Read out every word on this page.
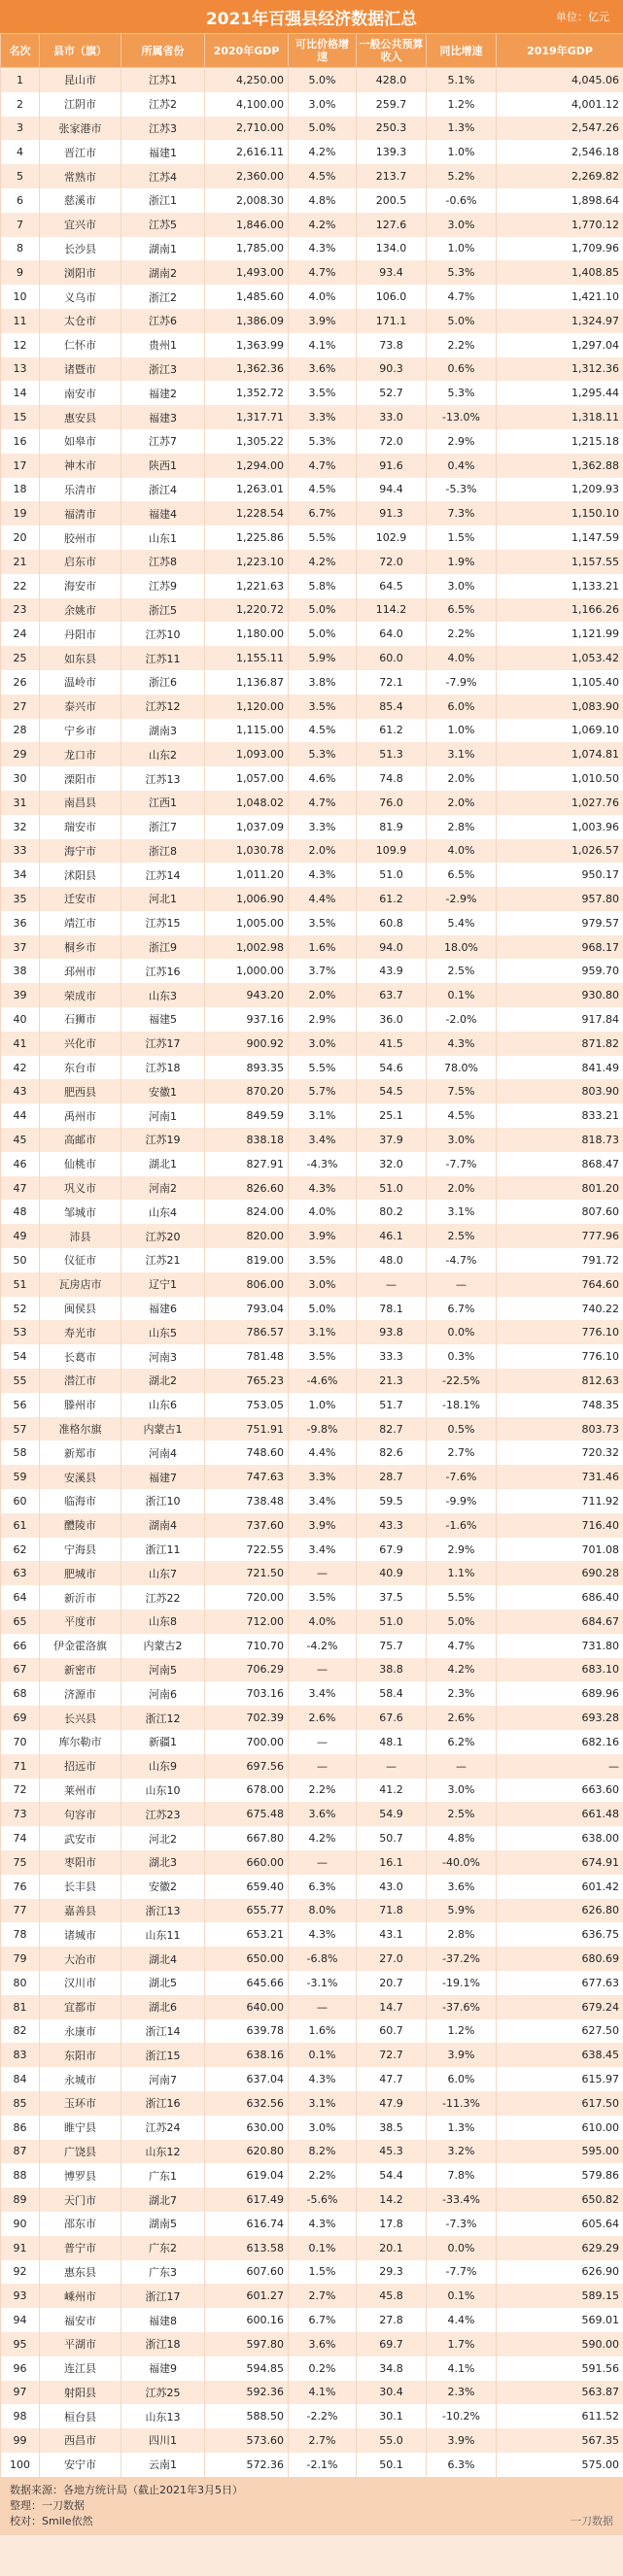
2021年百强县经济数据汇总	单位：亿元
名次	县市（旗）	所属省份	2020年GDP	可比价格增速	一般公共预算收入	同比增速	2019年GDP
1	昆山市	江苏1	4,250.00	5.0%	428.0	5.1%	4,045.06
2	江阴市	江苏2	4,100.00	3.0%	259.7	1.2%	4,001.12
3	张家港市	江苏3	2,710.00	5.0%	250.3	1.3%	2,547.26
4	晋江市	福建1	2,616.11	4.2%	139.3	1.0%	2,546.18
5	常熟市	江苏4	2,360.00	4.5%	213.7	5.2%	2,269.82
6	慈溪市	浙江1	2,008.30	4.8%	200.5	-0.6%	1,898.64
7	宜兴市	江苏5	1,846.00	4.2%	127.6	3.0%	1,770.12
8	长沙县	湖南1	1,785.00	4.3%	134.0	1.0%	1,709.96
9	浏阳市	湖南2	1,493.00	4.7%	93.4	5.3%	1,408.85
10	义乌市	浙江2	1,485.60	4.0%	106.0	4.7%	1,421.10
11	太仓市	江苏6	1,386.09	3.9%	171.1	5.0%	1,324.97
12	仁怀市	贵州1	1,363.99	4.1%	73.8	2.2%	1,297.04
13	诸暨市	浙江3	1,362.36	3.6%	90.3	0.6%	1,312.36
14	南安市	福建2	1,352.72	3.5%	52.7	5.3%	1,295.44
15	惠安县	福建3	1,317.71	3.3%	33.0	-13.0%	1,318.11
16	如皋市	江苏7	1,305.22	5.3%	72.0	2.9%	1,215.18
17	神木市	陕西1	1,294.00	4.7%	91.6	0.4%	1,362.88
18	乐清市	浙江4	1,263.01	4.5%	94.4	-5.3%	1,209.93
19	福清市	福建4	1,228.54	6.7%	91.3	7.3%	1,150.10
20	胶州市	山东1	1,225.86	5.5%	102.9	1.5%	1,147.59
21	启东市	江苏8	1,223.10	4.2%	72.0	1.9%	1,157.55
22	海安市	江苏9	1,221.63	5.8%	64.5	3.0%	1,133.21
23	余姚市	浙江5	1,220.72	5.0%	114.2	6.5%	1,166.26
24	丹阳市	江苏10	1,180.00	5.0%	64.0	2.2%	1,121.99
25	如东县	江苏11	1,155.11	5.9%	60.0	4.0%	1,053.42
26	温岭市	浙江6	1,136.87	3.8%	72.1	-7.9%	1,105.40
27	泰兴市	江苏12	1,120.00	3.5%	85.4	6.0%	1,083.90
28	宁乡市	湖南3	1,115.00	4.5%	61.2	1.0%	1,069.10
29	龙口市	山东2	1,093.00	5.3%	51.3	3.1%	1,074.81
30	溧阳市	江苏13	1,057.00	4.6%	74.8	2.0%	1,010.50
31	南昌县	江西1	1,048.02	4.7%	76.0	2.0%	1,027.76
32	瑞安市	浙江7	1,037.09	3.3%	81.9	2.8%	1,003.96
33	海宁市	浙江8	1,030.78	2.0%	109.9	4.0%	1,026.57
34	沭阳县	江苏14	1,011.20	4.3%	51.0	6.5%	950.17
35	迁安市	河北1	1,006.90	4.4%	61.2	-2.9%	957.80
36	靖江市	江苏15	1,005.00	3.5%	60.8	5.4%	979.57
37	桐乡市	浙江9	1,002.98	1.6%	94.0	18.0%	968.17
38	邳州市	江苏16	1,000.00	3.7%	43.9	2.5%	959.70
39	荣成市	山东3	943.20	2.0%	63.7	0.1%	930.80
40	石狮市	福建5	937.16	2.9%	36.0	-2.0%	917.84
41	兴化市	江苏17	900.92	3.0%	41.5	4.3%	871.82
42	东台市	江苏18	893.35	5.5%	54.6	78.0%	841.49
43	肥西县	安徽1	870.20	5.7%	54.5	7.5%	803.90
44	禹州市	河南1	849.59	3.1%	25.1	4.5%	833.21
45	高邮市	江苏19	838.18	3.4%	37.9	3.0%	818.73
46	仙桃市	湖北1	827.91	-4.3%	32.0	-7.7%	868.47
47	巩义市	河南2	826.60	4.3%	51.0	2.0%	801.20
48	邹城市	山东4	824.00	4.0%	80.2	3.1%	807.60
49	沛县	江苏20	820.00	3.9%	46.1	2.5%	777.96
50	仪征市	江苏21	819.00	3.5%	48.0	-4.7%	791.72
51	瓦房店市	辽宁1	806.00	3.0%	—	—	764.60
52	闽侯县	福建6	793.04	5.0%	78.1	6.7%	740.22
53	寿光市	山东5	786.57	3.1%	93.8	0.0%	776.10
54	长葛市	河南3	781.48	3.5%	33.3	0.3%	776.10
55	潜江市	湖北2	765.23	-4.6%	21.3	-22.5%	812.63
56	滕州市	山东6	753.05	1.0%	51.7	-18.1%	748.35
57	准格尔旗	内蒙古1	751.91	-9.8%	82.7	0.5%	803.73
58	新郑市	河南4	748.60	4.4%	82.6	2.7%	720.32
59	安溪县	福建7	747.63	3.3%	28.7	-7.6%	731.46
60	临海市	浙江10	738.48	3.4%	59.5	-9.9%	711.92
61	醴陵市	湖南4	737.60	3.9%	43.3	-1.6%	716.40
62	宁海县	浙江11	722.55	3.4%	67.9	2.9%	701.08
63	肥城市	山东7	721.50	—	40.9	1.1%	690.28
64	新沂市	江苏22	720.00	3.5%	37.5	5.5%	686.40
65	平度市	山东8	712.00	4.0%	51.0	5.0%	684.67
66	伊金霍洛旗	内蒙古2	710.70	-4.2%	75.7	4.7%	731.80
67	新密市	河南5	706.29	—	38.8	4.2%	683.10
68	济源市	河南6	703.16	3.4%	58.4	2.3%	689.96
69	长兴县	浙江12	702.39	2.6%	67.6	2.6%	693.28
70	库尔勒市	新疆1	700.00	—	48.1	6.2%	682.16
71	招远市	山东9	697.56	—	—	—	—
72	莱州市	山东10	678.00	2.2%	41.2	3.0%	663.60
73	句容市	江苏23	675.48	3.6%	54.9	2.5%	661.48
74	武安市	河北2	667.80	4.2%	50.7	4.8%	638.00
75	枣阳市	湖北3	660.00	—	16.1	-40.0%	674.91
76	长丰县	安徽2	659.40	6.3%	43.0	3.6%	601.42
77	嘉善县	浙江13	655.77	8.0%	71.8	5.9%	626.80
78	诸城市	山东11	653.21	4.3%	43.1	2.8%	636.75
79	大冶市	湖北4	650.00	-6.8%	27.0	-37.2%	680.69
80	汉川市	湖北5	645.66	-3.1%	20.7	-19.1%	677.63
81	宜都市	湖北6	640.00	—	14.7	-37.6%	679.24
82	永康市	浙江14	639.78	1.6%	60.7	1.2%	627.50
83	东阳市	浙江15	638.16	0.1%	72.7	3.9%	638.45
84	永城市	河南7	637.04	4.3%	47.7	6.0%	615.97
85	玉环市	浙江16	632.56	3.1%	47.9	-11.3%	617.50
86	睢宁县	江苏24	630.00	3.0%	38.5	1.3%	610.00
87	广饶县	山东12	620.80	8.2%	45.3	3.2%	595.00
88	博罗县	广东1	619.04	2.2%	54.4	7.8%	579.86
89	天门市	湖北7	617.49	-5.6%	14.2	-33.4%	650.82
90	邵东市	湖南5	616.74	4.3%	17.8	-7.3%	605.64
91	普宁市	广东2	613.58	0.1%	20.1	0.0%	629.29
92	惠东县	广东3	607.60	1.5%	29.3	-7.7%	626.90
93	嵊州市	浙江17	601.27	2.7%	45.8	0.1%	589.15
94	福安市	福建8	600.16	6.7%	27.8	4.4%	569.01
95	平湖市	浙江18	597.80	3.6%	69.7	1.7%	590.00
96	连江县	福建9	594.85	0.2%	34.8	4.1%	591.56
97	射阳县	江苏25	592.36	4.1%	30.4	2.3%	563.87
98	桓台县	山东13	588.50	-2.2%	30.1	-10.2%	611.52
99	西昌市	四川1	573.60	2.7%	55.0	3.9%	567.35
100	安宁市	云南1	572.36	-2.1%	50.1	6.3%	575.00
数据来源：各地方统计局（截止2021年3月5日）
整理：一刀数据
校对：Smile依然	一刀数据
